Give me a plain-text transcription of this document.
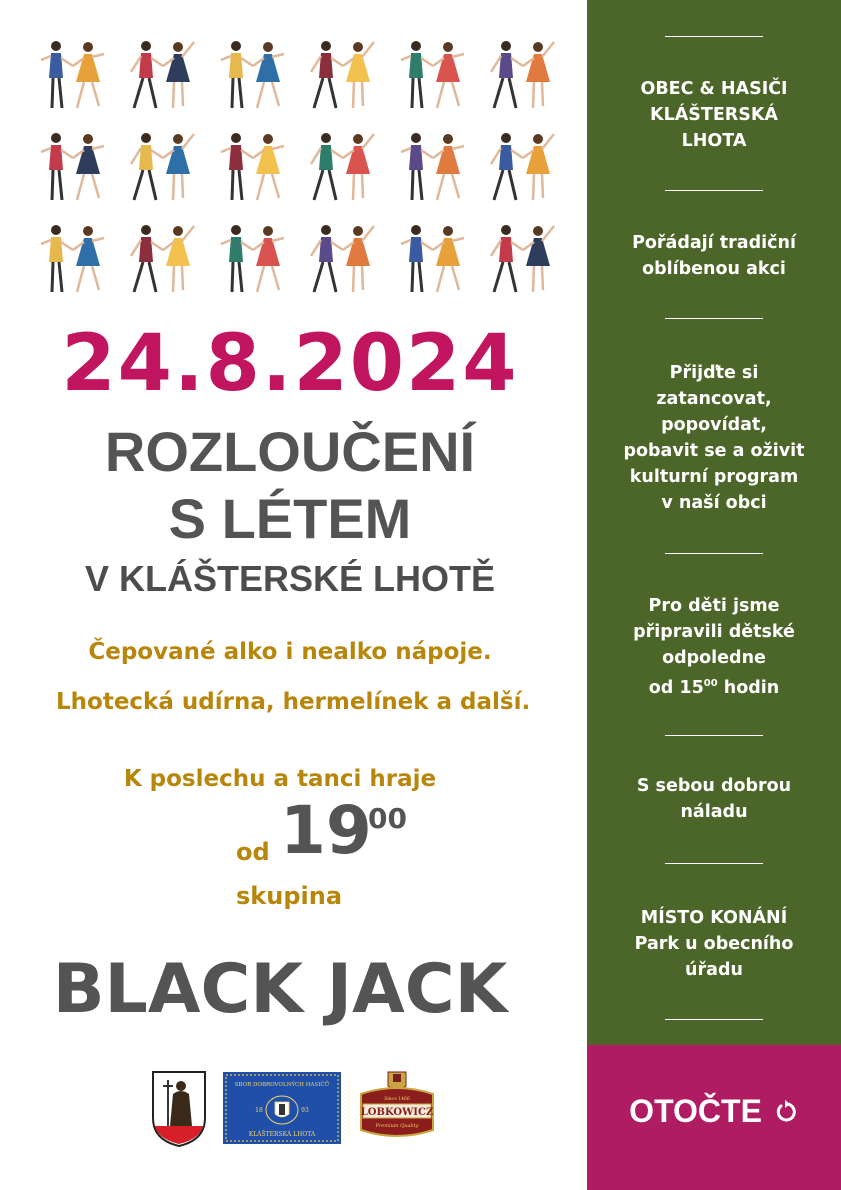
24.8.2024
ROZLOUČENÍ
S LÉTEM
V KLÁŠTERSKÉ LHOTĚ

Čepované alko i nealko nápoje.

Lhotecká udírna, hermelínek a další.

K poslechu a tanci hraje

od 19
00

skupina

BLACK JACK
SBOR DOBROVOLNÝCH HASIČŮ
18	93
KLÁŠTERSKÁ LHOTA
LOBKOWICZ
Since 1466
Premium Quality

OBEC & HASIČI
KLÁŠTERSKÁ
LHOTA

Pořádají tradiční
oblíbenou akci

Přijďte si
zatancovat,
popovídat,
pobavit se a oživit
kulturní program
v naší obci

Pro děti jsme
připravili dětské
odpoledne
od $15^{00}$ hodin

S sebou dobrou
náladu

MÍSTO KONÁNÍ
Park u obecního
úřadu

OTOČTE
